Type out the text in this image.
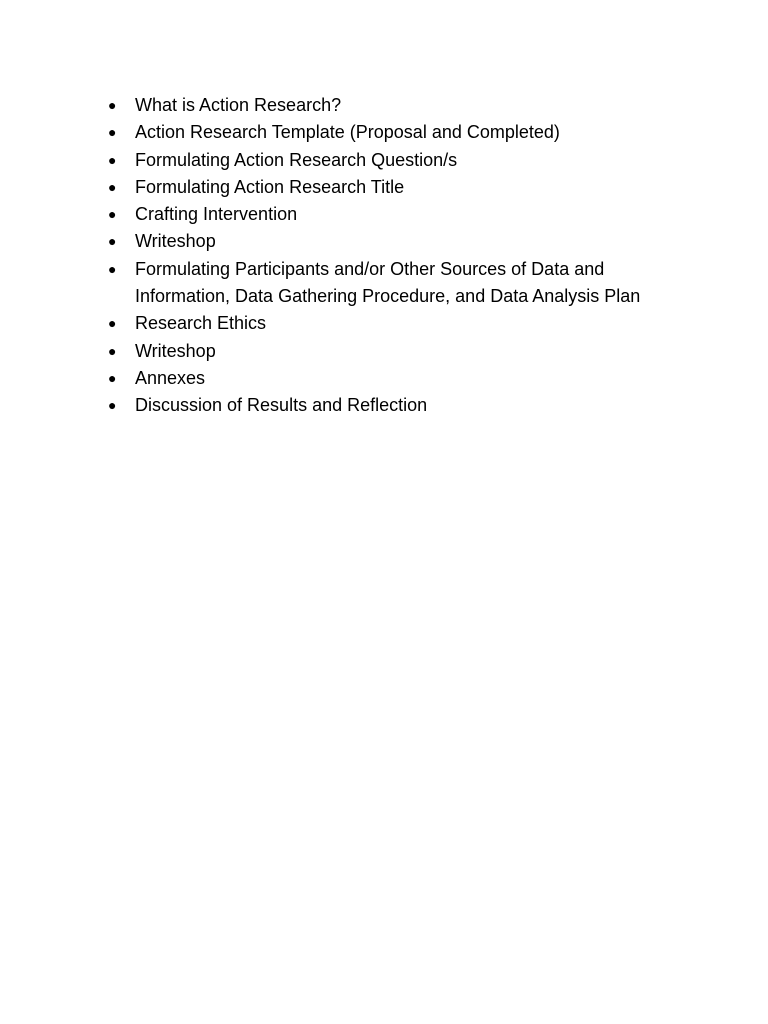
●	What is Action Research?
●	Action Research Template (Proposal and Completed)
●	Formulating Action Research Question/s
●	Formulating Action Research Title
●	Crafting Intervention
●	Writeshop
●	Formulating Participants and/or Other Sources of Data and Information, Data Gathering Procedure, and Data Analysis Plan
●	Research Ethics
●	Writeshop
●	Annexes
●	Discussion of Results and Reflection
